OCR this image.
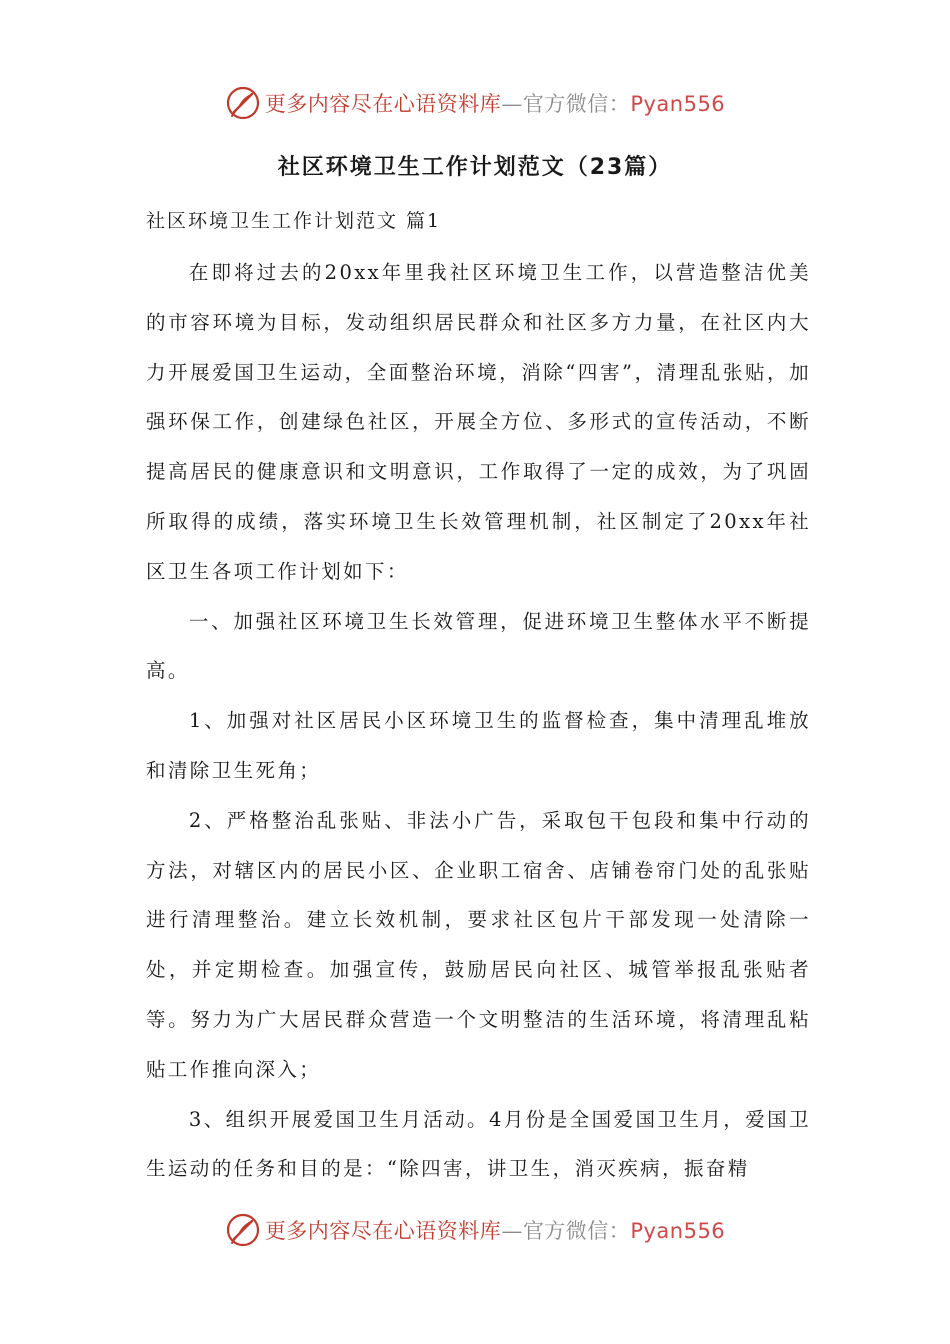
更多内容尽在心语资料库—官方微信：Pyan556
社区环境卫生工作计划范文（23篇）
社区环境卫生工作计划范文 篇1

在即将过去的20xx年里我社区环境卫生工作，以营造整洁优美的市容环境为目标，发动组织居民群众和社区多方力量，在社区内大力开展爱国卫生运动，全面整治环境，消除“四害”，清理乱张贴，加强环保工作，创建绿色社区，开展全方位、多形式的宣传活动，不断提高居民的健康意识和文明意识，工作取得了一定的成效，为了巩固所取得的成绩，落实环境卫生长效管理机制，社区制定了20xx年社区卫生各项工作计划如下：

一、加强社区环境卫生长效管理，促进环境卫生整体水平不断提高。

1、加强对社区居民小区环境卫生的监督检查，集中清理乱堆放和清除卫生死角；

2、严格整治乱张贴、非法小广告，采取包干包段和集中行动的方法，对辖区内的居民小区、企业职工宿舍、店铺卷帘门处的乱张贴进行清理整治。建立长效机制，要求社区包片干部发现一处清除一处，并定期检查。加强宣传，鼓励居民向社区、城管举报乱张贴者等。努力为广大居民群众营造一个文明整洁的生活环境，将清理乱粘贴工作推向深入；

3、组织开展爱国卫生月活动。4月份是全国爱国卫生月，爱国卫生运动的任务和目的是：“除四害，讲卫生，消灭疾病，振奋精

更多内容尽在心语资料库—官方微信：Pyan556
